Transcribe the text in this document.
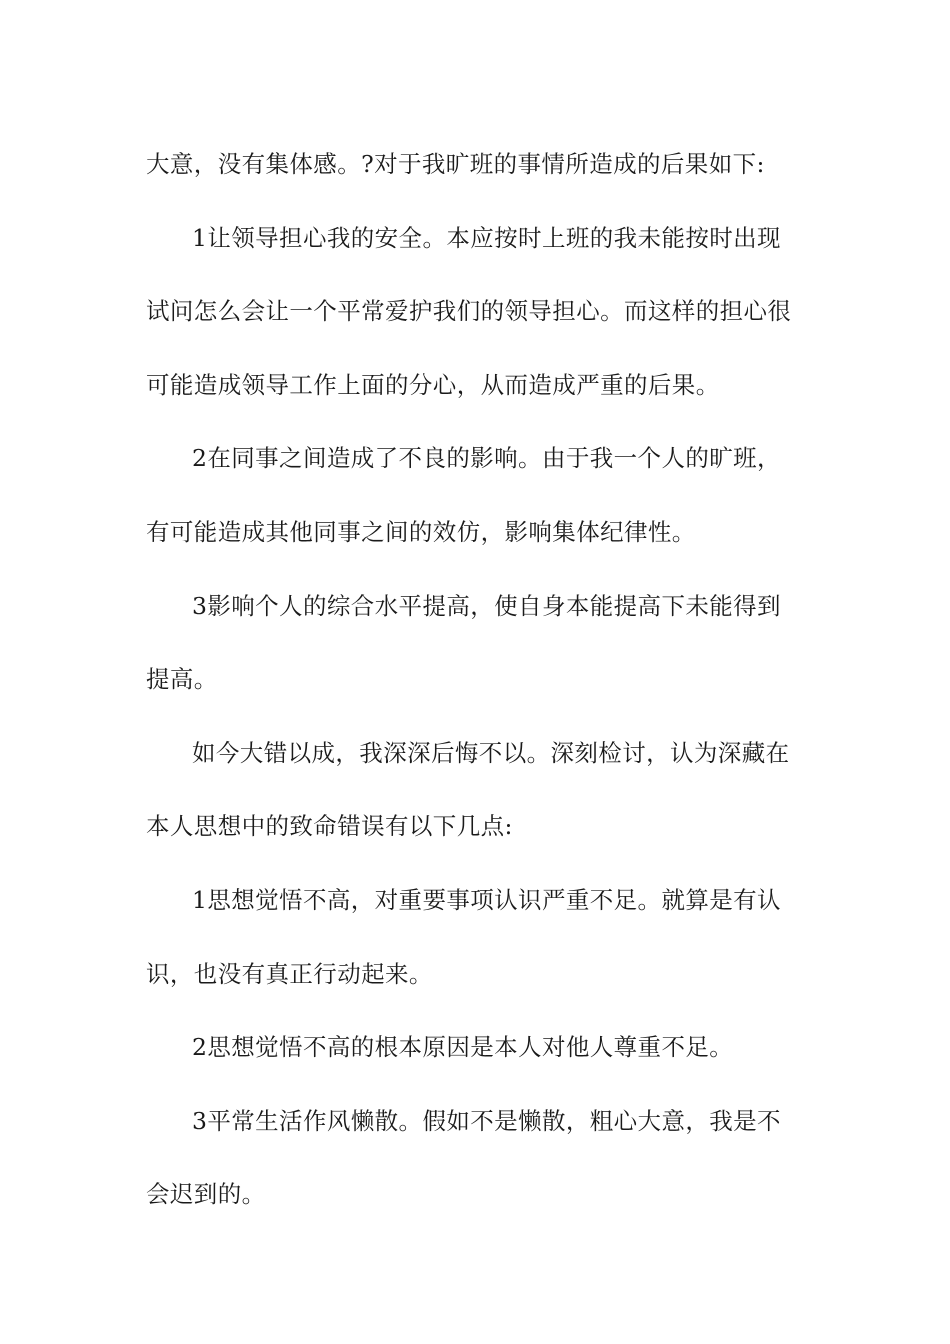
大意，没有集体感。?对于我旷班的事情所造成的后果如下:

1让领导担心我的安全。本应按时上班的我未能按时出现

试问怎么会让一个平常爱护我们的领导担心。而这样的担心很

可能造成领导工作上面的分心，从而造成严重的后果。

2在同事之间造成了不良的影响。由于我一个人的旷班，

有可能造成其他同事之间的效仿，影响集体纪律性。

3影响个人的综合水平提高，使自身本能提高下未能得到

提高。

如今大错以成，我深深后悔不以。深刻检讨，认为深藏在

本人思想中的致命错误有以下几点:

1思想觉悟不高，对重要事项认识严重不足。就算是有认

识，也没有真正行动起来。

2思想觉悟不高的根本原因是本人对他人尊重不足。

3平常生活作风懒散。假如不是懒散，粗心大意，我是不

会迟到的。
